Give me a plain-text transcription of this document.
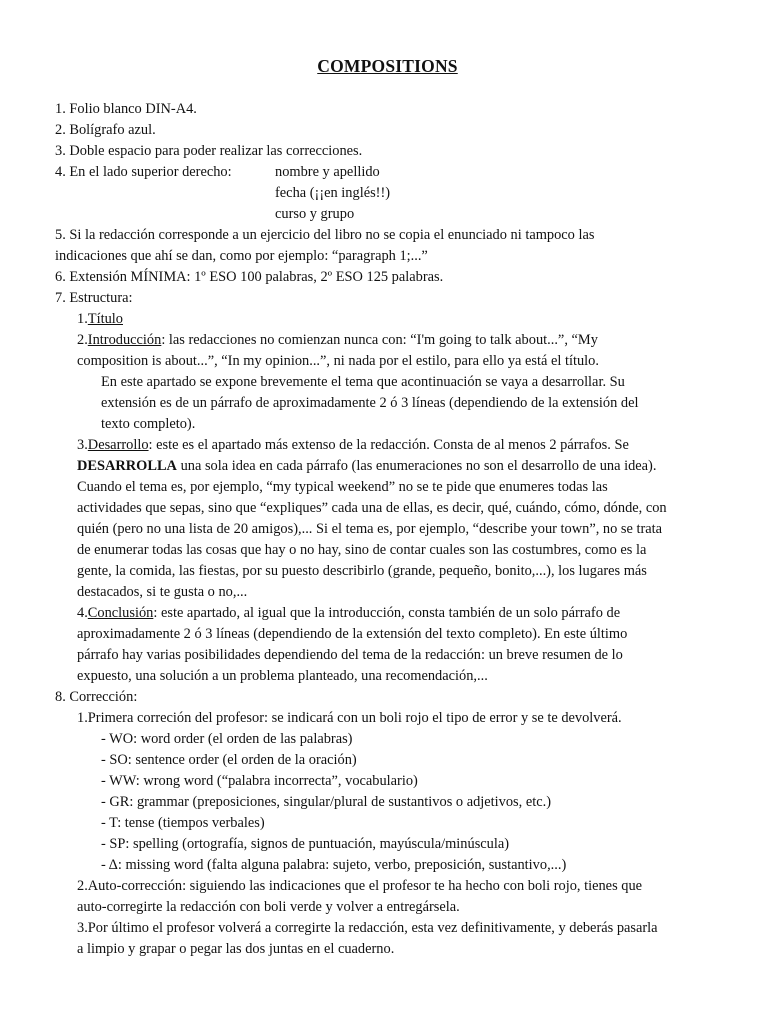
COMPOSITIONS
1. Folio blanco DIN-A4.
2. Bolígrafo azul.
3. Doble espacio para poder realizar las correcciones.
4. En el lado superior derecho:	nombre y apellido
fecha (¡¡en inglés!!)
curso y grupo
5. Si la redacción corresponde a un ejercicio del libro no se copia el enunciado ni tampoco las
indicaciones que ahí se dan, como por ejemplo: “paragraph 1;...”
6. Extensión MÍNIMA: 1º ESO 100 palabras, 2º ESO 125 palabras.
7. Estructura:
1.Título
2.Introducción: las redacciones no comienzan nunca con: “I'm going to talk about...”, “My
composition is about...”, “In my opinion...”, ni nada por el estilo, para ello ya está el título.
En este apartado se expone brevemente el tema que acontinuación se vaya a desarrollar. Su
extensión es de un párrafo de aproximadamente 2 ó 3 líneas (dependiendo de la extensión del
texto completo).
3.Desarrollo: este es el apartado más extenso de la redacción. Consta de al menos 2 párrafos. Se
DESARROLLA una sola idea en cada párrafo (las enumeraciones no son el desarrollo de una idea).
Cuando el tema es, por ejemplo, “my typical weekend” no se te pide que enumeres todas las
actividades que sepas, sino que “expliques” cada una de ellas, es decir, qué, cuándo, cómo, dónde, con
quién (pero no una lista de 20 amigos),... Si el tema es, por ejemplo, “describe your town”, no se trata
de enumerar todas las cosas que hay o no hay, sino de contar cuales son las costumbres, como es la
gente, la comida, las fiestas, por su puesto describirlo (grande, pequeño, bonito,...), los lugares más
destacados, si te gusta o no,...
4.Conclusión: este apartado, al igual que la introducción, consta también de un solo párrafo de
aproximadamente 2 ó 3 líneas (dependiendo de la extensión del texto completo). En este último
párrafo hay varias posibilidades dependiendo del tema de la redacción: un breve resumen de lo
expuesto, una solución a un problema planteado, una recomendación,...
8. Corrección:
1.Primera correción del profesor: se indicará con un boli rojo el tipo de error y se te devolverá.
- WO: word order (el orden de las palabras)
- SO: sentence order (el orden de la oración)
- WW: wrong word (“palabra incorrecta”, vocabulario)
- GR: grammar (preposiciones, singular/plural de sustantivos o adjetivos, etc.)
- T: tense (tiempos verbales)
- SP: spelling (ortografía, signos de puntuación, mayúscula/minúscula)
- Δ: missing word (falta alguna palabra: sujeto, verbo, preposición, sustantivo,...)
2.Auto-corrección: siguiendo las indicaciones que el profesor te ha hecho con boli rojo, tienes que
auto-corregirte la redacción con boli verde y volver a entregársela.
3.Por último el profesor volverá a corregirte la redacción, esta vez definitivamente, y deberás pasarla
a limpio y grapar o pegar las dos juntas en el cuaderno.
